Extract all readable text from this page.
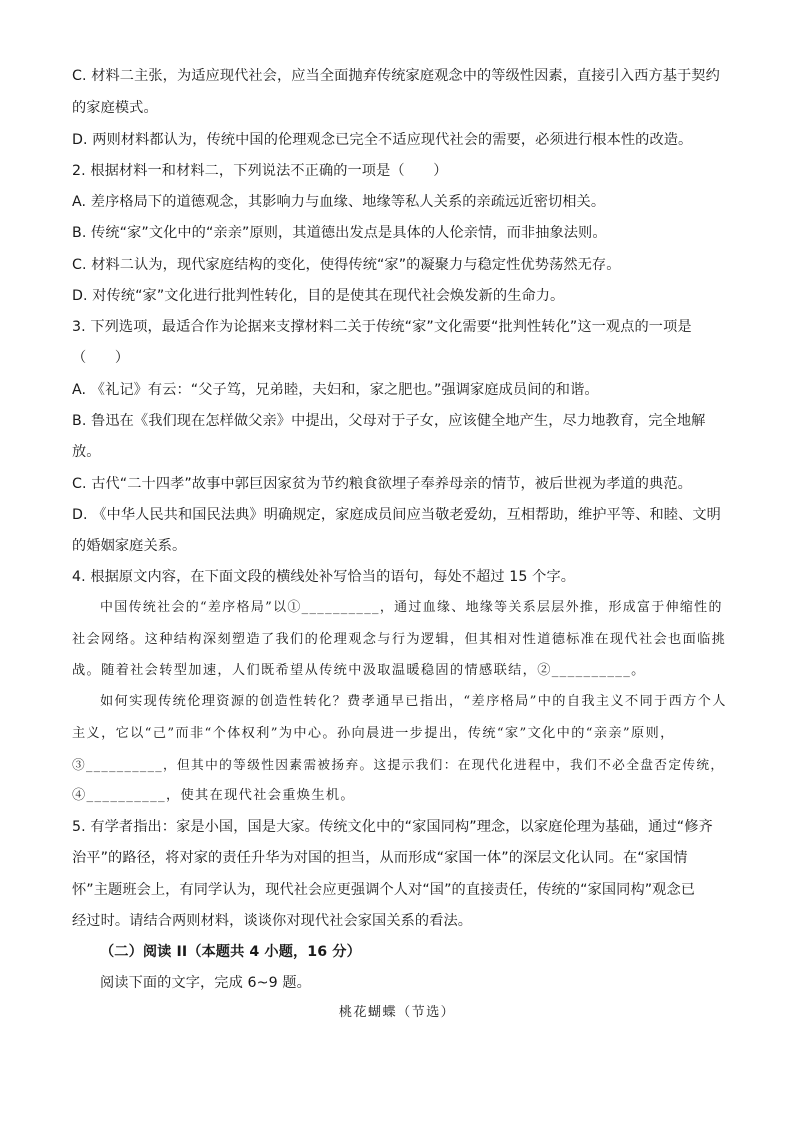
C. 材料二主张，为适应现代社会，应当全面抛弃传统家庭观念中的等级性因素，直接引入西方基于契约
的家庭模式。
D. 两则材料都认为，传统中国的伦理观念已完全不适应现代社会的需要，必须进行根本性的改造。
2. 根据材料一和材料二，下列说法不正确的一项是（　　）
A. 差序格局下的道德观念，其影响力与血缘、地缘等私人关系的亲疏远近密切相关。
B. 传统“家”文化中的“亲亲”原则，其道德出发点是具体的人伦亲情，而非抽象法则。
C. 材料二认为，现代家庭结构的变化，使得传统“家”的凝聚力与稳定性优势荡然无存。
D. 对传统“家”文化进行批判性转化，目的是使其在现代社会焕发新的生命力。
3. 下列选项，最适合作为论据来支撑材料二关于传统“家”文化需要“批判性转化”这一观点的一项是
（　　）
A. 《礼记》有云：“父子笃，兄弟睦，夫妇和，家之肥也。”强调家庭成员间的和谐。
B. 鲁迅在《我们现在怎样做父亲》中提出，父母对于子女，应该健全地产生，尽力地教育，完全地解
放。
C. 古代“二十四孝”故事中郭巨因家贫为节约粮食欲埋子奉养母亲的情节，被后世视为孝道的典范。
D. 《中华人民共和国民法典》明确规定，家庭成员间应当敬老爱幼，互相帮助，维护平等、和睦、文明
的婚姻家庭关系。
4. 根据原文内容，在下面文段的横线处补写恰当的语句，每处不超过 15 个字。
中国传统社会的“差序格局”以①__________，通过血缘、地缘等关系层层外推，形成富于伸缩性的
社会网络。这种结构深刻塑造了我们的伦理观念与行为逻辑，但其相对性道德标准在现代社会也面临挑
战。随着社会转型加速，人们既希望从传统中汲取温暖稳固的情感联结，②__________。
如何实现传统伦理资源的创造性转化？费孝通早已指出，“差序格局”中的自我主义不同于西方个人
主义，它以“己”而非“个体权利”为中心。孙向晨进一步提出，传统“家”文化中的“亲亲”原则，
③__________，但其中的等级性因素需被扬弃。这提示我们：在现代化进程中，我们不必全盘否定传统，
④__________，使其在现代社会重焕生机。
5. 有学者指出：家是小国，国是大家。传统文化中的“家国同构”理念，以家庭伦理为基础，通过“修齐
治平”的路径，将对家的责任升华为对国的担当，从而形成“家国一体”的深层文化认同。在“家国情
怀”主题班会上，有同学认为，现代社会应更强调个人对“国”的直接责任，传统的“家国同构”观念已
经过时。请结合两则材料，谈谈你对现代社会家国关系的看法。
（二）阅读 II（本题共 4 小题，16 分）
阅读下面的文字，完成 6~9 题。
桃花蝴蝶（节选）
